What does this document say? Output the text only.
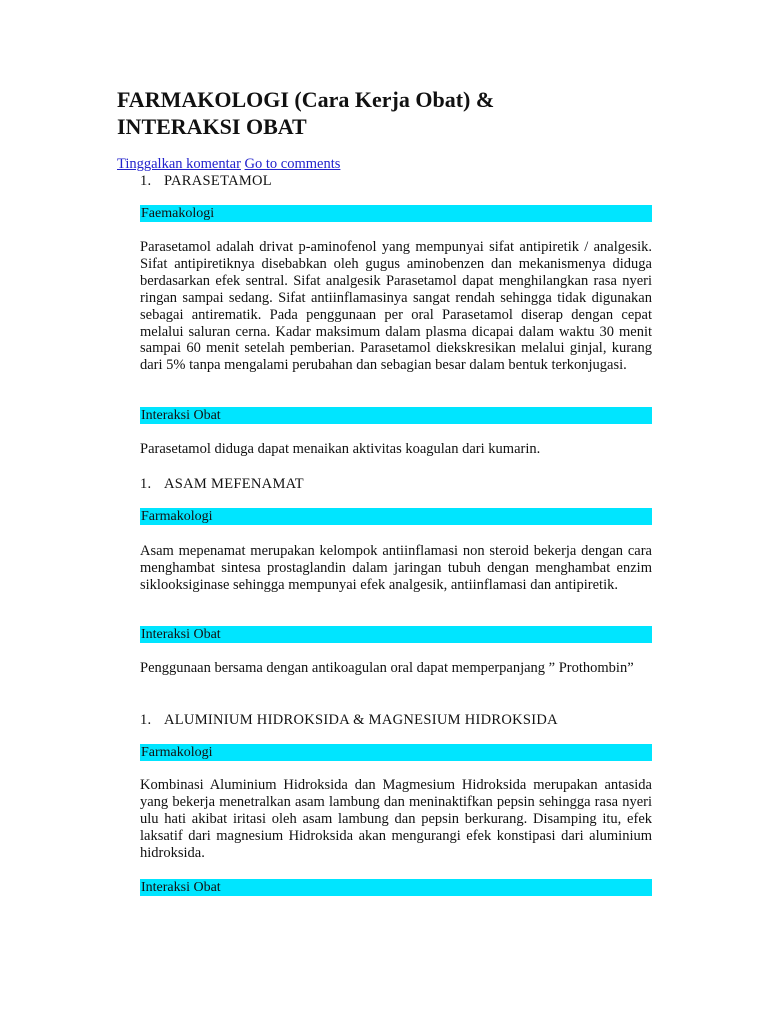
FARMAKOLOGI (Cara Kerja Obat) & INTERAKSI OBAT
Tinggalkan komentar Go to comments
1. PARASETAMOL
Faemakologi

Parasetamol adalah drivat p-aminofenol yang mempunyai sifat antipiretik / analgesik. Sifat antipiretiknya disebabkan oleh gugus aminobenzen dan mekanismenya diduga berdasarkan efek sentral. Sifat analgesik Parasetamol dapat menghilangkan rasa nyeri ringan sampai sedang. Sifat antiinflamasinya sangat rendah sehingga tidak digunakan sebagai antirematik. Pada penggunaan per oral Parasetamol diserap dengan cepat melalui saluran cerna. Kadar maksimum dalam plasma dicapai dalam waktu 30 menit sampai 60 menit setelah pemberian. Parasetamol diekskresikan melalui ginjal, kurang dari 5% tanpa mengalami perubahan dan sebagian besar dalam bentuk terkonjugasi.

Interaksi Obat

Parasetamol diduga dapat menaikan aktivitas koagulan dari kumarin.

1. ASAM MEFENAMAT
Farmakologi

Asam mepenamat merupakan kelompok antiinflamasi non steroid bekerja dengan cara menghambat sintesa prostaglandin dalam jaringan tubuh dengan menghambat enzim siklooksiginase sehingga mempunyai efek analgesik, antiinflamasi dan antipiretik.

Interaksi Obat

Penggunaan bersama dengan antikoagulan oral dapat memperpanjang ” Prothombin”

1. ALUMINIUM HIDROKSIDA & MAGNESIUM HIDROKSIDA
Farmakologi

Kombinasi Aluminium Hidroksida dan Magmesium Hidroksida merupakan antasida yang bekerja menetralkan asam lambung dan meninaktifkan pepsin sehingga rasa nyeri ulu hati akibat iritasi oleh asam lambung dan pepsin berkurang. Disamping itu, efek laksatif dari magnesium Hidroksida akan mengurangi efek konstipasi dari aluminium hidroksida.

Interaksi Obat
